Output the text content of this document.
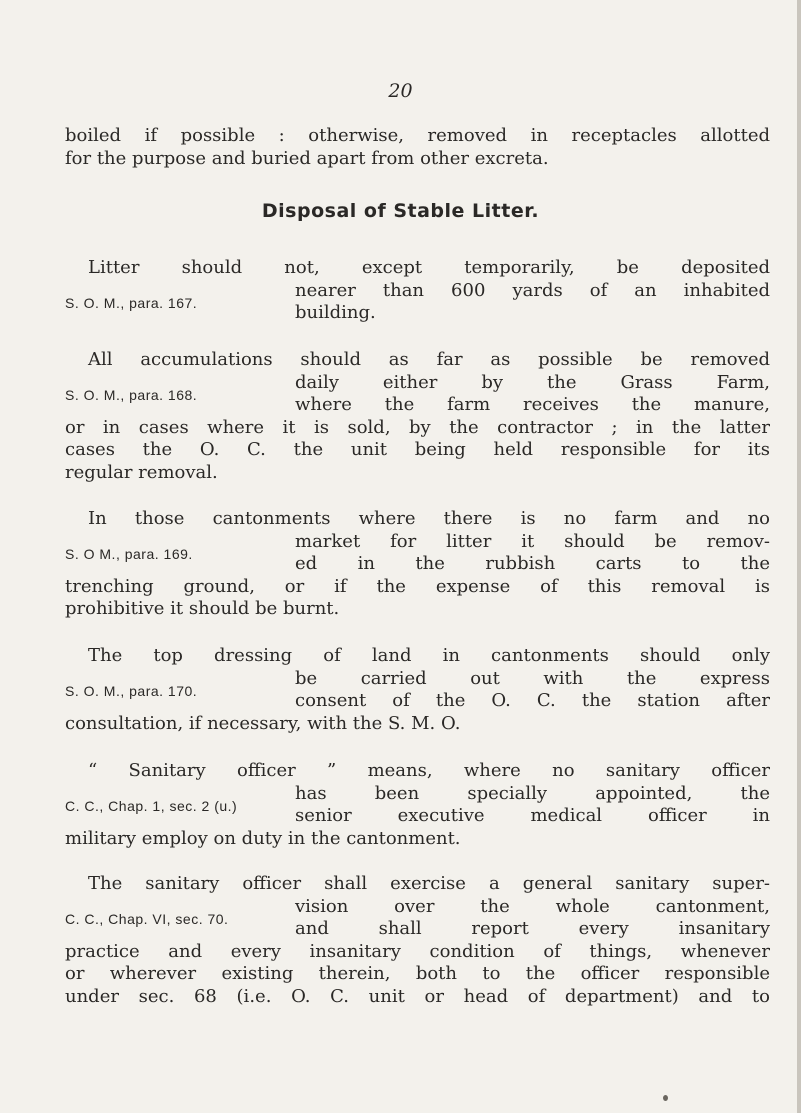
20
boiled if possible : otherwise, removed in receptacles allotted
for the purpose and buried apart from other excreta.
Disposal of Stable Litter.
Litter should not, except temporarily, be deposited
S. O. M., para. 167.
nearer than 600 yards of an inhabited
building.
All accumulations should as far as possible be removed
S. O. M., para. 168.
daily either by the Grass Farm,
where the farm receives the manure,
or in cases where it is sold, by the contractor ; in the latter
cases the O. C. the unit being held responsible for its
regular removal.
In those cantonments where there is no farm and no
S. O M., para. 169.
market for litter it should be remov-
ed in the rubbish carts to the
trenching ground, or if the expense of this removal is
prohibitive it should be burnt.
The top dressing of land in cantonments should only
S. O. M., para. 170.
be carried out with the express
consent of the O. C. the station after
consultation, if necessary, with the S. M. O.
“ Sanitary officer ” means, where no sanitary officer
C. C., Chap. 1, sec. 2 (u.)
has been specially appointed, the
senior executive medical officer in
military employ on duty in the cantonment.
The sanitary officer shall exercise a general sanitary super-
C. C., Chap. VI, sec. 70.
vision over the whole cantonment,
and shall report every insanitary
practice and every insanitary condition of things, whenever
or wherever existing therein, both to the officer responsible
under sec. 68 (i.e. O. C. unit or head of department) and to
